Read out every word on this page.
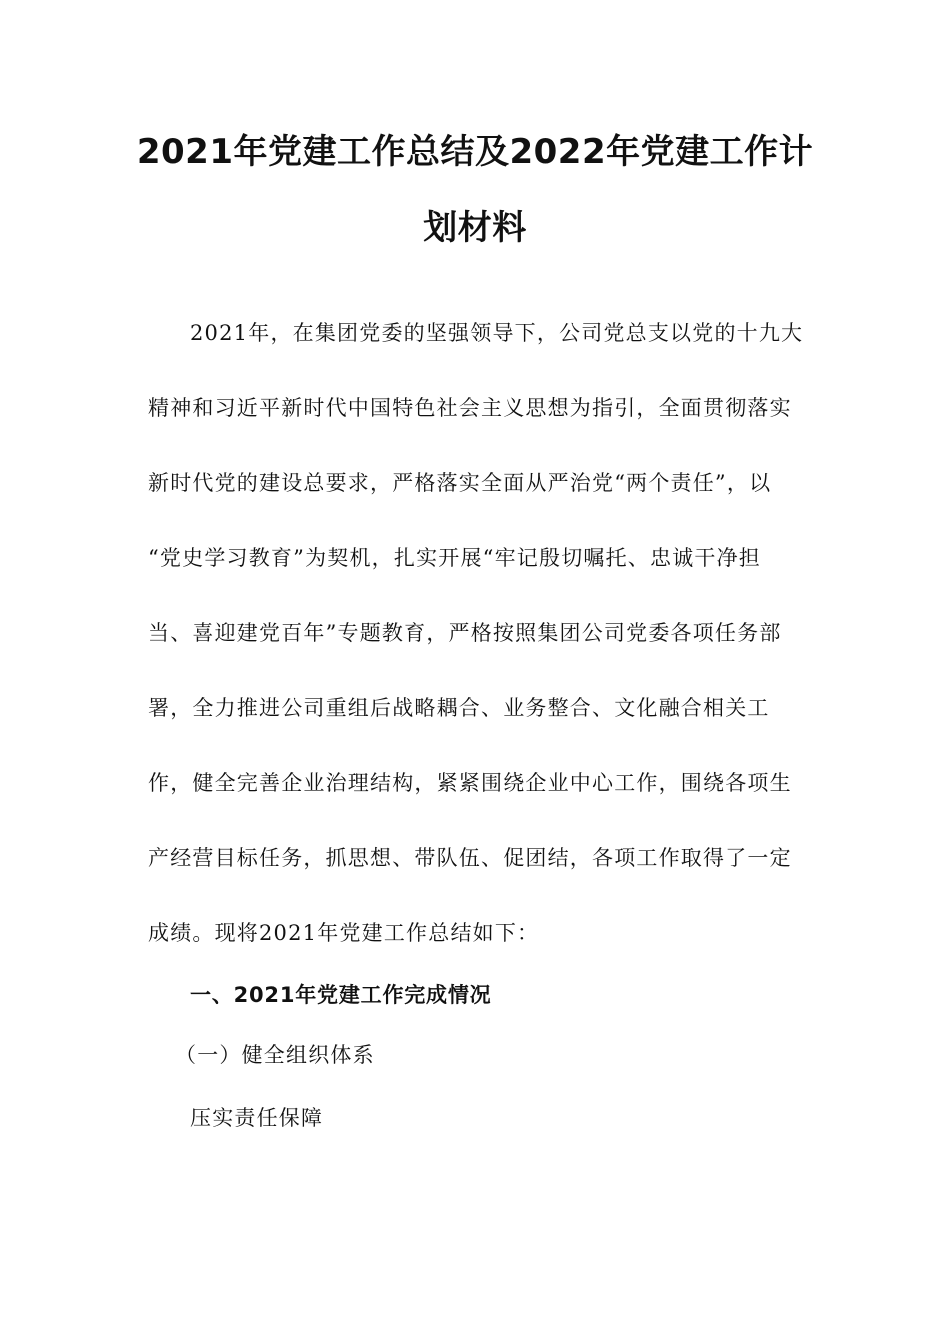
2021年党建工作总结及2022年党建工作计
划材料
2021年，在集团党委的坚强领导下，公司党总支以党的十九大
精神和习近平新时代中国特色社会主义思想为指引，全面贯彻落实
新时代党的建设总要求，严格落实全面从严治党“两个责任”，以
“党史学习教育”为契机，扎实开展“牢记殷切嘱托、忠诚干净担
当、喜迎建党百年”专题教育，严格按照集团公司党委各项任务部
署，全力推进公司重组后战略耦合、业务整合、文化融合相关工
作，健全完善企业治理结构，紧紧围绕企业中心工作，围绕各项生
产经营目标任务，抓思想、带队伍、促团结，各项工作取得了一定
成绩。现将2021年党建工作总结如下：
一、2021年党建工作完成情况
（一）健全组织体系
压实责任保障
